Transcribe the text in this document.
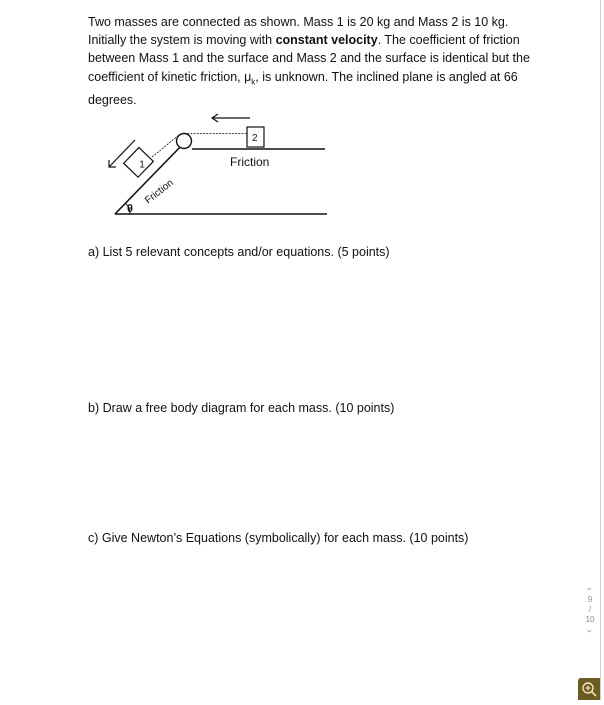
Two masses are connected as shown. Mass 1 is 20 kg and Mass 2 is 10 kg. Initially the system is moving with constant velocity. The coefficient of friction between Mass 1 and the surface and Mass 2 and the surface is identical but the coefficient of kinetic friction, $\mu_k$, is unknown. The inclined plane is angled at 66 degrees.

θ
1
2
Friction
Friction

a) List 5 relevant concepts and/or equations. (5 points)

b) Draw a free body diagram for each mass. (10 points)

c) Give Newton’s Equations (symbolically) for each mass. (10 points)

‹
9
/
10
›
